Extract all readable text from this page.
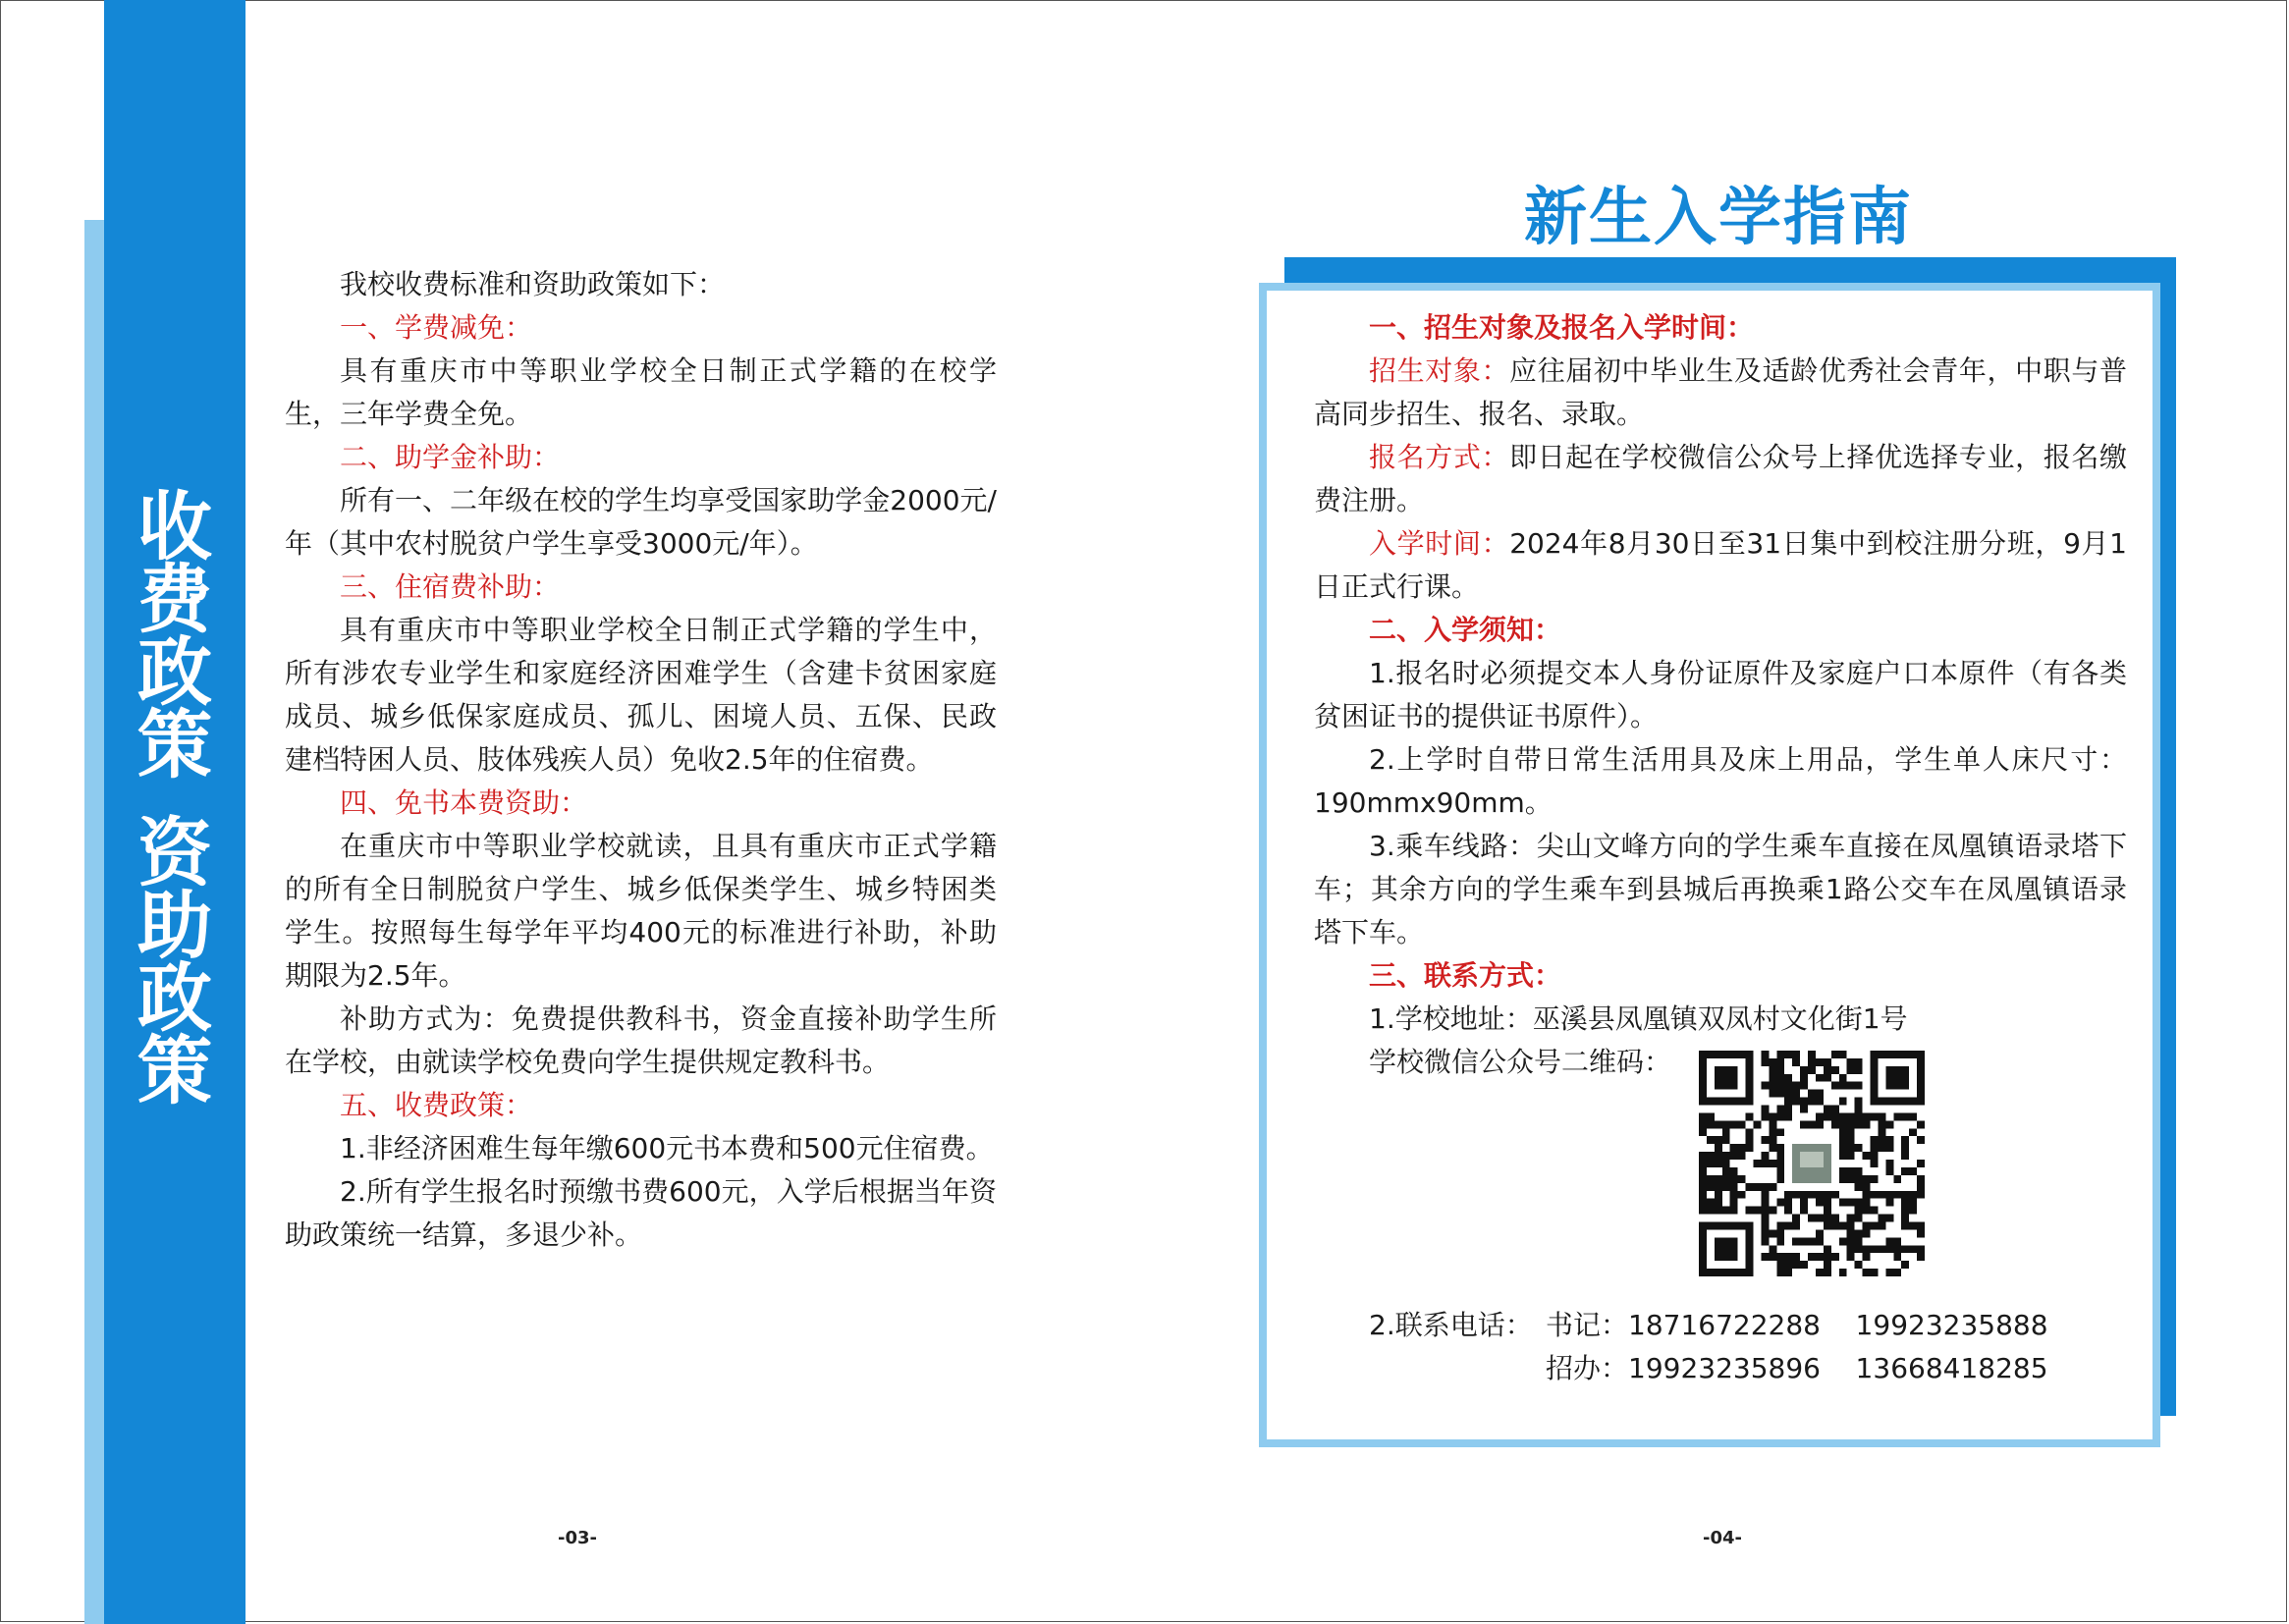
收
费
政
策
资
助
政
策

我校收费标准和资助政策如下：

一、学费减免：

具有重庆市中等职业学校全日制正式学籍的在校学生，三年学费全免。

二、助学金补助：

所有一、二年级在校的学生均享受国家助学金2000元/年（其中农村脱贫户学生享受3000元/年）。

三、住宿费补助：

具有重庆市中等职业学校全日制正式学籍的学生中，所有涉农专业学生和家庭经济困难学生（含建卡贫困家庭成员、城乡低保家庭成员、孤儿、困境人员、五保、民政建档特困人员、肢体残疾人员）免收2.5年的住宿费。

四、免书本费资助：

在重庆市中等职业学校就读，且具有重庆市正式学籍的所有全日制脱贫户学生、城乡低保类学生、城乡特困类学生。按照每生每学年平均400元的标准进行补助，补助期限为2.5年。

补助方式为：免费提供教科书，资金直接补助学生所在学校，由就读学校免费向学生提供规定教科书。

五、收费政策：

1.非经济困难生每年缴600元书本费和500元住宿费。

2.所有学生报名时预缴书费600元，入学后根据当年资助政策统一结算，多退少补。

-03-
新生入学指南

一、招生对象及报名入学时间：

招生对象：应往届初中毕业生及适龄优秀社会青年，中职与普高同步招生、报名、录取。

报名方式：即日起在学校微信公众号上择优选择专业，报名缴费注册。

入学时间：2024年8月30日至31日集中到校注册分班，9月1日正式行课。

二、入学须知：

1.报名时必须提交本人身份证原件及家庭户口本原件（有各类贫困证书的提供证书原件）。

2.上学时自带日常生活用具及床上用品，学生单人床尺寸：190mmx90mm。

3.乘车线路：尖山文峰方向的学生乘车直接在凤凰镇语录塔下车；其余方向的学生乘车到县城后再换乘1路公交车在凤凰镇语录塔下车。

三、联系方式：

1.学校地址：巫溪县凤凰镇双凤村文化街1号

学校微信公众号二维码：
2.联系电话： 书记：18716722288    19923235888
招办：19923235896    13668418285
-04-
